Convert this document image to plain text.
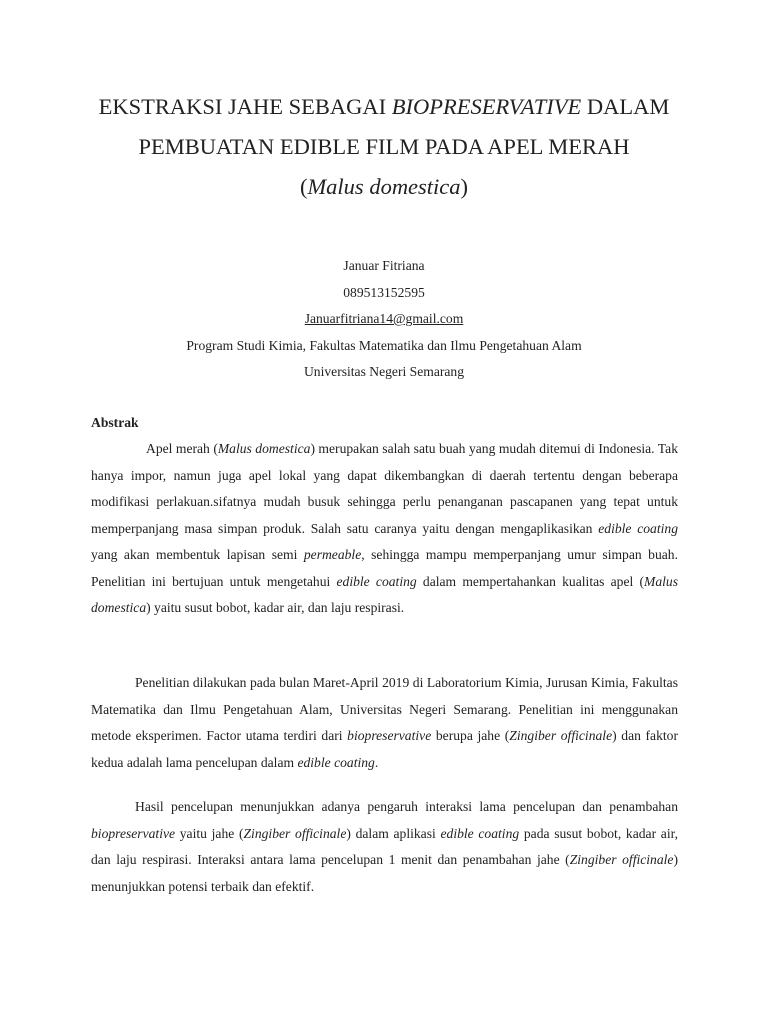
EKSTRAKSI JAHE SEBAGAI BIOPRESERVATIVE DALAM PEMBUATAN EDIBLE FILM PADA APEL MERAH
(Malus domestica)
Januar Fitriana
089513152595
Januarfitriana14@gmail.com
Program Studi Kimia, Fakultas Matematika dan Ilmu Pengetahuan Alam
Universitas Negeri Semarang
Abstrak

Apel merah (Malus domestica) merupakan salah satu buah yang mudah ditemui di Indonesia. Tak hanya impor, namun juga apel lokal yang dapat dikembangkan di daerah tertentu dengan beberapa modifikasi perlakuan.sifatnya mudah busuk sehingga perlu penanganan pascapanen yang tepat untuk memperpanjang masa simpan produk. Salah satu caranya yaitu dengan mengaplikasikan edible coating yang akan membentuk lapisan semi permeable, sehingga mampu memperpanjang umur simpan buah. Penelitian ini bertujuan untuk mengetahui edible coating dalam mempertahankan kualitas apel (Malus domestica) yaitu susut bobot, kadar air, dan laju respirasi.

Penelitian dilakukan pada bulan Maret-April 2019 di Laboratorium Kimia, Jurusan Kimia, Fakultas Matematika dan Ilmu Pengetahuan Alam, Universitas Negeri Semarang. Penelitian ini menggunakan metode eksperimen. Factor utama terdiri dari biopreservative berupa jahe (Zingiber officinale) dan faktor kedua adalah lama pencelupan dalam edible coating.

Hasil pencelupan menunjukkan adanya pengaruh interaksi lama pencelupan dan penambahan biopreservative yaitu jahe (Zingiber officinale) dalam aplikasi edible coating pada susut bobot, kadar air, dan laju respirasi. Interaksi antara lama pencelupan 1 menit dan penambahan jahe (Zingiber officinale) menunjukkan potensi terbaik dan efektif.
